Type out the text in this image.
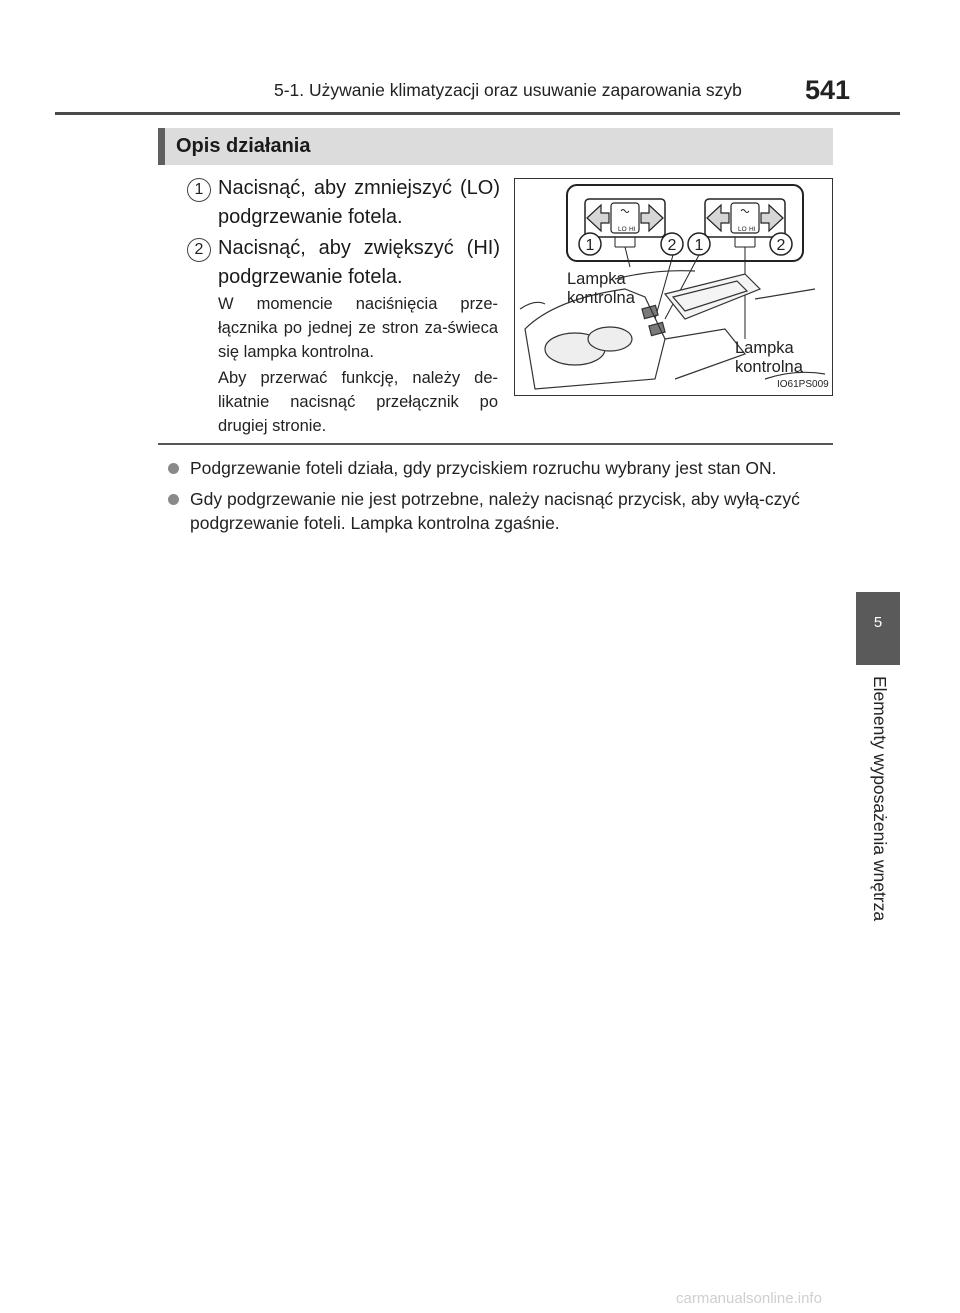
5-1. Używanie klimatyzacji oraz usuwanie zaparowania szyb 541
Opis działania
1 Nacisnąć, aby zmniejszyć (LO) podgrzewanie fotela.
2 Nacisnąć, aby zwiększyć (HI) podgrzewanie fotela.
W momencie naciśnięcia prze-łącznika po jednej ze stron za-świeca się lampka kontrolna.
Aby przerwać funkcję, należy de-likatnie nacisnąć przełącznik po drugiej stronie.
LO HI	LO HI
1	2 1	2
Lampka
kontrolna
Lampka
kontrolna
IO61PS009
Podgrzewanie foteli działa, gdy przyciskiem rozruchu wybrany jest stan ON.
Gdy podgrzewanie nie jest potrzebne, należy nacisnąć przycisk, aby wyłą-czyć podgrzewanie foteli. Lampka kontrolna zgaśnie.
5
Elementy wyposażenia wnętrza
carmanualsonline.info
